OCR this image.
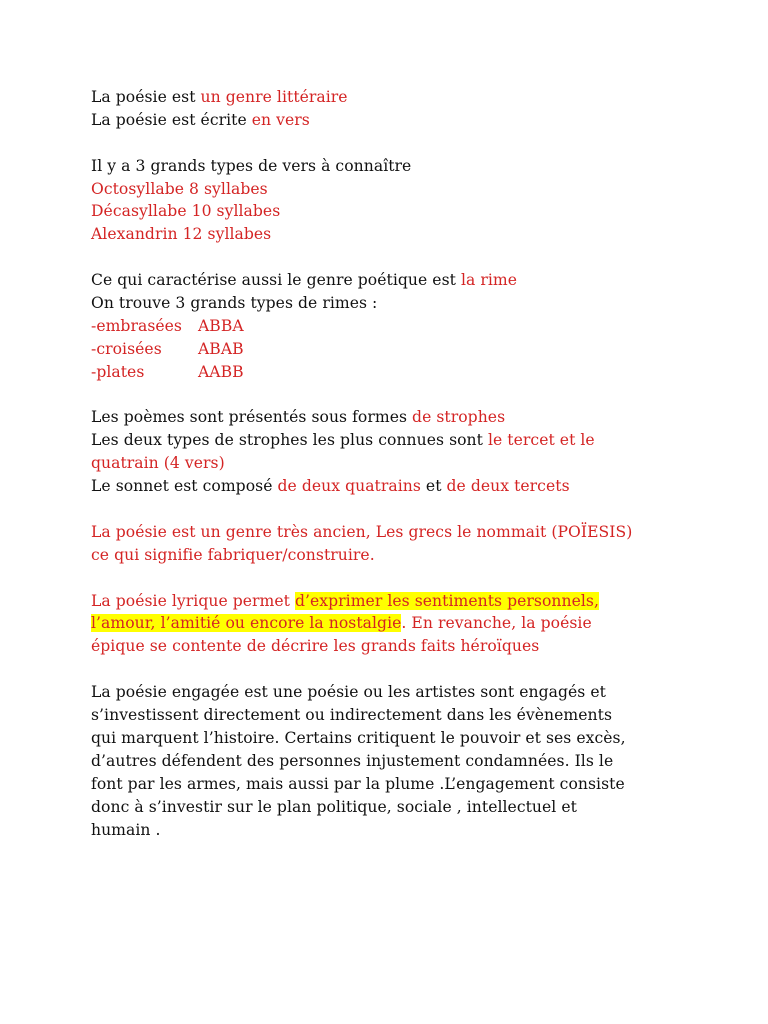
La poésie est un genre littéraire
La poésie est écrite en vers
Il y a 3 grands types de vers à connaître
Octosyllabe 8 syllabes
Décasyllabe 10 syllabes
Alexandrin 12 syllabes
Ce qui caractérise aussi le genre poétique est la rime
On trouve 3 grands types de rimes :
-embrasées ABBA
-croisées ABAB
-plates	AABB
Les poèmes sont présentés sous formes de strophes
Les deux types de strophes les plus connues sont le tercet et le
quatrain (4 vers)
Le sonnet est composé de deux quatrains et de deux tercets
La poésie est un genre très ancien, Les grecs le nommait (POÏESIS)
ce qui signifie fabriquer/construire.
La poésie lyrique permet d’exprimer les sentiments personnels,
l’amour, l’amitié ou encore la nostalgie. En revanche, la poésie
épique se contente de décrire les grands faits héroïques
La poésie engagée est une poésie ou les artistes sont engagés et
s’investissent directement ou indirectement dans les évènements
qui marquent l’histoire. Certains critiquent le pouvoir et ses excès,
d’autres défendent des personnes injustement condamnées. Ils le
font par les armes, mais aussi par la plume .L’engagement consiste
donc à s’investir sur le plan politique, sociale , intellectuel et
humain .
